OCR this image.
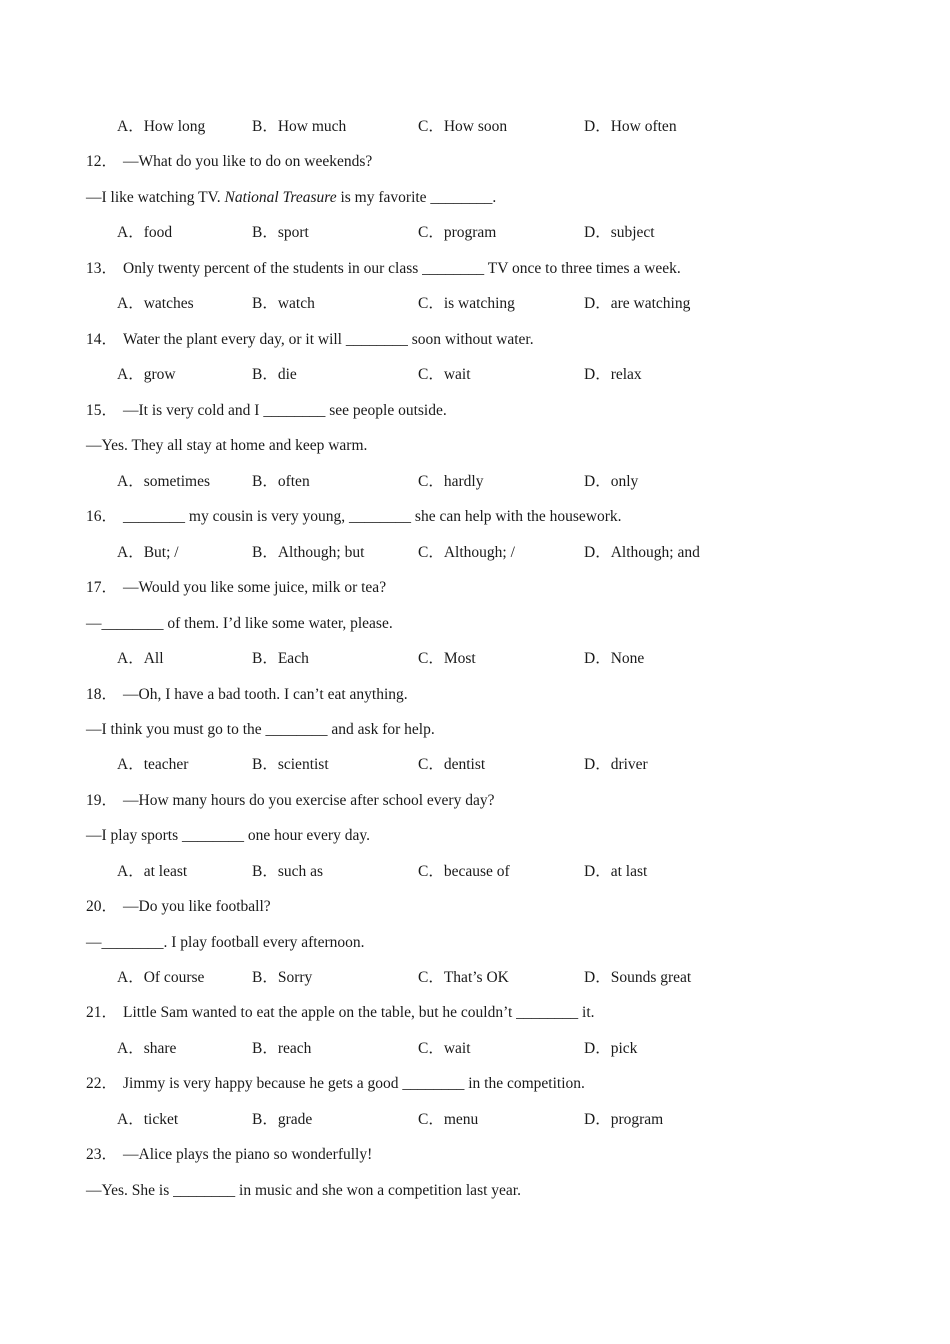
A．How long	B．How much	C．How soon	D．How often
12． —What do you like to do on weekends?
—I like watching TV. National Treasure is my favorite ________.
A．food	B．sport	C．program	D．subject
13． Only twenty percent of the students in our class ________ TV once to three times a week.
A．watches	B．watch	C．is watching	D．are watching
14． Water the plant every day, or it will ________ soon without water.
A．grow	B．die	C．wait	D．relax
15． —It is very cold and I ________ see people outside.
—Yes. They all stay at home and keep warm.
A．sometimes	B．often	C．hardly	D．only
16． ________ my cousin is very young, ________ she can help with the housework.
A．But; /	B．Although; but	C．Although; /	D．Although; and
17． —Would you like some juice, milk or tea?
—________ of them. I’d like some water, please.
A．All	B．Each	C．Most	D．None
18． —Oh, I have a bad tooth. I can’t eat anything.
—I think you must go to the ________ and ask for help.
A．teacher	B．scientist	C．dentist	D．driver
19． —How many hours do you exercise after school every day?
—I play sports ________ one hour every day.
A．at least	B．such as	C．because of	D．at last
20． —Do you like football?
—________. I play football every afternoon.
A．Of course	B．Sorry	C．That’s OK	D．Sounds great
21． Little Sam wanted to eat the apple on the table, but he couldn’t ________ it.
A．share	B．reach	C．wait	D．pick
22． Jimmy is very happy because he gets a good ________ in the competition.
A．ticket	B．grade	C．menu	D．program
23． —Alice plays the piano so wonderfully!
—Yes. She is ________ in music and she won a competition last year.
